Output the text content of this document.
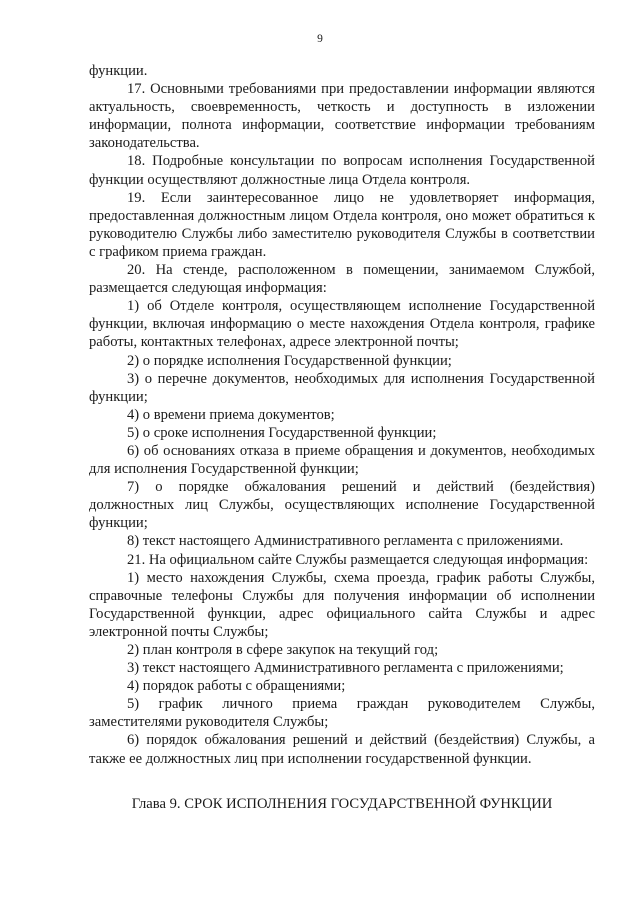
9

функции.

17. Основными требованиями при предоставлении информации являются актуальность, своевременность, четкость и доступность в изложении информации, полнота информации, соответствие информации требованиям законодательства.

18. Подробные консультации по вопросам исполнения Государственной функции осуществляют должностные лица Отдела контроля.

19. Если заинтересованное лицо не удовлетворяет информация, предоставленная должностным лицом Отдела контроля, оно может обратиться к руководителю Службы либо заместителю руководителя Службы в соответствии с графиком приема граждан.

20. На стенде, расположенном в помещении, занимаемом Службой, размещается следующая информация:

1) об Отделе контроля, осуществляющем исполнение Государственной функции, включая информацию о месте нахождения Отдела контроля, графике работы, контактных телефонах, адресе электронной почты;

2) о порядке исполнения Государственной функции;

3) о перечне документов, необходимых для исполнения Государственной функции;

4) о времени приема документов;

5) о сроке исполнения Государственной функции;

6) об основаниях отказа в приеме обращения и документов, необходимых для исполнения Государственной функции;

7) о порядке обжалования решений и действий (бездействия) должностных лиц Службы, осуществляющих исполнение Государственной функции;

8) текст настоящего Административного регламента с приложениями.

21. На официальном сайте Службы размещается следующая информация:

1) место нахождения Службы, схема проезда, график работы Службы, справочные телефоны Службы для получения информации об исполнении Государственной функции, адрес официального сайта Службы и адрес электронной почты Службы;

2) план контроля в сфере закупок на текущий год;

3) текст настоящего Административного регламента с приложениями;

4) порядок работы с обращениями;

5) график личного приема граждан руководителем Службы, заместителями руководителя Службы;

6) порядок обжалования решений и действий (бездействия) Службы, а также ее должностных лиц при исполнении государственной функции.

Глава 9. СРОК ИСПОЛНЕНИЯ ГОСУДАРСТВЕННОЙ ФУНКЦИИ
